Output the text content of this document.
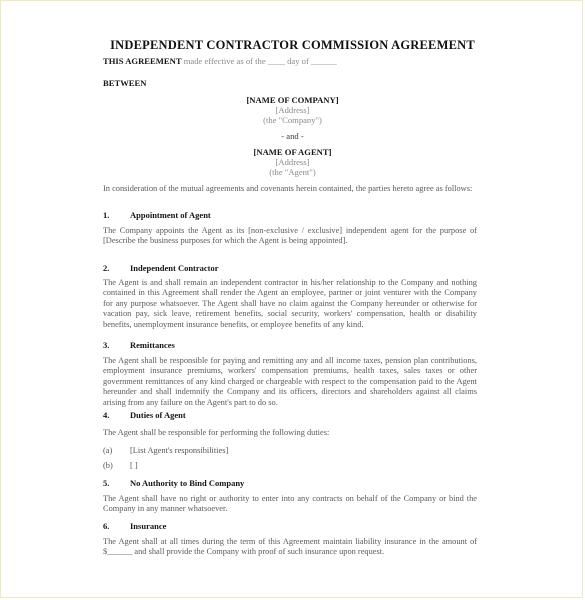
INDEPENDENT CONTRACTOR COMMISSION AGREEMENT
THIS AGREEMENT made effective as of the ____ day of ______
BETWEEN
[NAME OF COMPANY]
[Address]
(the "Company")
- and -
[NAME OF AGENT]
[Address]
(the "Agent")
In consideration of the mutual agreements and covenants herein contained, the parties hereto agree as follows:
1. Appointment of Agent
The Company appoints the Agent as its [non-exclusive / exclusive] independent agent for the purpose of [Describe the business purposes for which the Agent is being appointed].
2. Independent Contractor
The Agent is and shall remain an independent contractor in his/her relationship to the Company and nothing contained in this Agreement shall render the Agent an employee, partner or joint venturer with the Company for any purpose whatsoever. The Agent shall have no claim against the Company hereunder or otherwise for vacation pay, sick leave, retirement benefits, social security, workers' compensation, health or disability benefits, unemployment insurance benefits, or employee benefits of any kind.
3. Remittances
The Agent shall be responsible for paying and remitting any and all income taxes, pension plan contributions, employment insurance premiums, workers' compensation premiums, health taxes, sales taxes or other government remittances of any kind charged or chargeable with respect to the compensation paid to the Agent hereunder and shall indemnify the Company and its officers, directors and shareholders against all claims arising from any failure on the Agent's part to do so.
4. Duties of Agent
The Agent shall be responsible for performing the following duties:
(a) [List Agent's responsibilities]
(b) [ ]
5. No Authority to Bind Company
The Agent shall have no right or authority to enter into any contracts on behalf of the Company or bind the Company in any manner whatsoever.
6. Insurance
The Agent shall at all times during the term of this Agreement maintain liability insurance in the amount of $______ and shall provide the Company with proof of such insurance upon request.
